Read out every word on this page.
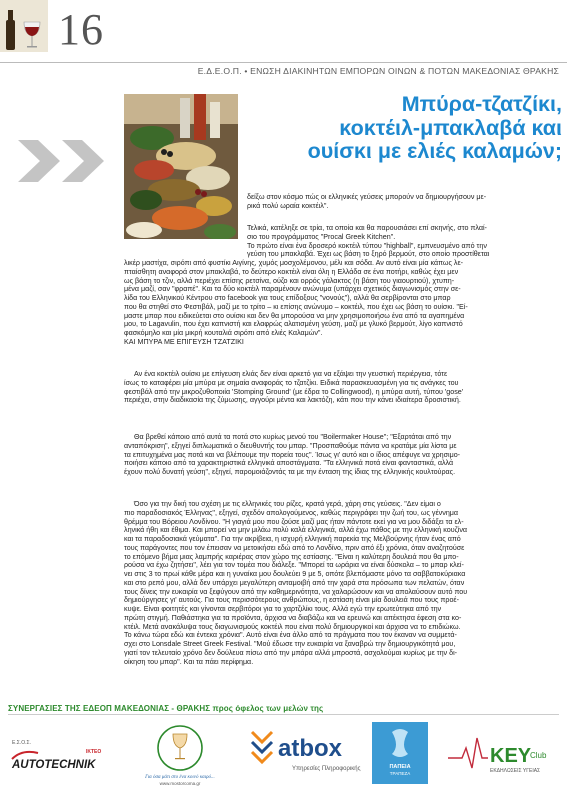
16
Ε.Δ.Ε.Ο.Π. • ΕΝΩΣΗ ΔΙΑΚΙΝΗΤΩΝ ΕΜΠΟΡΩΝ ΟΙΝΩΝ & ΠΟΤΩΝ ΜΑΚΕΔΟΝΙΑΣ ΘΡΑΚΗΣ
Μπύρα-τζατζίκι,
κοκτέιλ-μπακλαβά και
ουίσκι με ελιές καλαμών;

δείξω στον κόσμο πώς οι ελληνικές γεύσεις μπορούν να δημιουργήσουν με-
ρικά πολύ ωραία κοκτέιλ".

Τελικά, κατέληξε σε τρία, τα οποία και θα παρουσιάσει επί σκηνής, στο πλαί-
σιο του προγράμματος "Procal Greek Kitchen".
Το πρώτο είναι ένα δροσερό κοκτέιλ τύπου "highball", εμπνευσμένο από την
γεύση του μπακλαβά. Έχει ως βάση το ξηρό βερμούτ, στο οποίο προστίθεται
λικέρ μαστίχα, σιρόπι από φυστίκι Αιγίνης, χυμός μοσχολέμονου, μέλι και σόδα. Αν αυτό είναι μία κάπως λε-
πταίσθητη αναφορά στον μπακλαβά, το δεύτερο κοκτέιλ είναι όλη η Ελλάδα σε ένα ποτήρι, καθώς έχει μεν
ως βάση το τζιν, αλλά περιέχει επίσης ρετσίνα, ούζο και ορρός γάλακτος (η βάση του γιαουρτιού), χτυπη-
μένα μαζί, σαν "φραπέ". Και τα δύο κοκτέιλ παραμένουν ανώνυμα (υπάρχει σχετικός διαγωνισμός στην σε-
λίδα του Ελληνικού Κέντρου στο facebook για τους επίδοξους "νονούς"), αλλά θα σερβίρονται στο μπαρ
που θα στηθεί στο Φεστιβάλ, μαζί με το τρίτο – κι επίσης ανώνυμο – κοκτέιλ, που έχει ως βάση το ουίσκι. "Εί-
μαστε μπαρ που ειδικεύεται στο ουίσκι και δεν θα μπορούσα να μην χρησιμοποιήσω ένα από τα αγαπημένα
μου, το Lagavulin, που έχει καπνιστή και ελαφρώς αλατισμένη γεύση, μαζί με γλυκό βερμούτ, λίγο καπνιστό
φασκόμηλο και μία μικρή κουταλιά σιρόπι από ελιές Καλαμών".
ΚΑΙ ΜΠΥΡΑ ΜΕ ΕΠΙΓΕΥΣΗ ΤΖΑΤΖΙΚΙ

Αν ένα κοκτέιλ ουίσκι με επίγευση ελιάς δεν είναι αρκετό για να εξάψει την γευστική περιέργεια, τότε
ίσως το καταφέρει μία μπύρα με σημαία αναφοράς το τζατζίκι. Ειδικά παρασκευασμένη για τις ανάγκες του
φεστιβάλ από την μικροζυθοποιία 'Stomping Ground' (με έδρα το Collingwood), η μπύρα αυτή, τύπου 'gose'
περιέχει, στην διαδικασία της ζύμωσης, αγγούρι μέντα και λακτόζη, κάτι που την κάνει ιδιαίτερα δροσιστική.

Θα βρεθεί κάποιο από αυτά τα ποτά στο κυρίως μενού του "Boilermaker House"; "Εξαρτάται από την
ανταπόκριση", εξηγεί διπλωματικά ο διευθυντής του μπαρ. "Προσπαθούμε πάντα να κρατάμε μία λίστα με
τα επιτυχημένα μας ποτά και να βλέπουμε την πορεία τους". Ίσως γι' αυτό και ο ίδιος απέφυγε να χρησιμο-
ποιήσει κάποιο από τα χαρακτηριστικά ελληνικά αποστάγματα. "Τα ελληνικά ποτά είναι φανταστικά, αλλά
έχουν πολύ δυνατή γεύση", εξηγεί, παρομοιάζοντάς τα με την ένταση της ίδιας της ελληνικής κουλτούρας.

Όσο για την δική του σχέση με τις ελληνικές του ρίζες, κρατά γερά, χάρη στις γεύσεις. "Δεν είμαι ο
πιο παραδοσιακός Έλληνας", εξηγεί, σχεδόν απολογούμενος, καθώς περιγράφει την ζωή του, ως γέννημα
θρέμμα του Βόρειου Λονδίνου. "Η γιαγιά μου που ζούσε μαζί μας ήταν πάντοτε εκεί για να μου διδάξει τα ελ-
ληνικά ήθη και έθιμα. Και μπορεί να μην μιλάω πολύ καλά ελληνικά, αλλά έχω πάθος με την ελληνική κουζίνα
και τα παραδοσιακά γεύματα". Για την ακρίβεια, η ισχυρή ελληνική παρεκία της Μελβούρνης ήταν ένας από
τους παράγοντες που τον έπεισαν να μετοικήσει εδώ από το Λονδίνο, πριν από έξι χρόνια, όταν αναζητούσε
το επόμενο βήμα μιας λαμπρής καριέρας στον χώρο της εστίασης. "Είναι η καλύτερη δουλειά που θα μπο-
ρούσα να έχω ζητήσει", λέει για τον τομέα που διάλεξε. "Μπορεί τα ωράρια να είναι δύσκολα – το μπαρ κλεί-
νει στις 3 το πρωί κάθε μέρα και η γυναίκα μου δουλεύει 9 με 5, οπότε βλεπόμαστε μόνο τα σαββατοκύριακα
και στο ρεπό μου, αλλά δεν υπάρχει μεγαλύτερη ανταμοιβή από την χαρά στα πρόσωπα των πελατών, όταν
τους δίνεις την ευκαιρία να ξεφύγουν από την καθημερινότητα, να χαλαρώσουν και να απολαύσουν αυτό που
δημιούργησες γι' αυτούς. Για τους περισσότερους ανθρώπους, η εστίαση είναι μία δουλειά που τους προέ-
κυψε. Είναι φοιτητές και γίνονται σερβιτόροι για το χαρτζιλίκι τους. Αλλά εγώ την ερωτεύτηκα από την
πρώτη στιγμή. Παθιάστηκα για τα προϊόντα, άρχισα να διαβάζω και να ερευνώ και απέκτησα έφεση στα κο-
κτέιλ. Μετά ανακάλυψα τους διαγωνισμούς κοκτέιλ που είναι πολύ δημιουργικοί και άρχισα να το επιδιώκω.
Το κάνω τώρα εδώ και έντεκα χρόνια". Αυτό είναι ένα άλλο από τα πράγματα που τον έκαναν να συμμετά-
σχει στο Lonsdale Street Greek Festival. "Μού έδωσε την ευκαιρία να ξαναβρώ την δημιουργικότητά μου,
γιατί τον τελευταίο χρόνο δεν δούλευα πίσω από την μπάρα αλλά μπροστά, ασχολούμαι κυρίως με την δι-
οίκηση του μπαρ". Και τα πάει περίφημα.

ΣΥΝΕΡΓΑΣΙΕΣ ΤΗΣ ΕΔΕΟΠ ΜΑΚΕΔΟΝΙΑΣ - ΘΡΑΚΗΣ προς όφελος των μελών της
Ε.Σ.Ο.Σ.
IKTEO
AUTOTECHNIK
Για όσα μάτι στο ένα κοινό καιρό...
www.mostorcoma.gr
atbox
Υπηρεσίες Πληροφορικής	ΠΑΠΕΙΑ
ΤΡΑΠΕΖΑ
KEY
Club
ΕΚΔΗΛΩΣΕΙΣ ΥΓΕΙΑΣ
